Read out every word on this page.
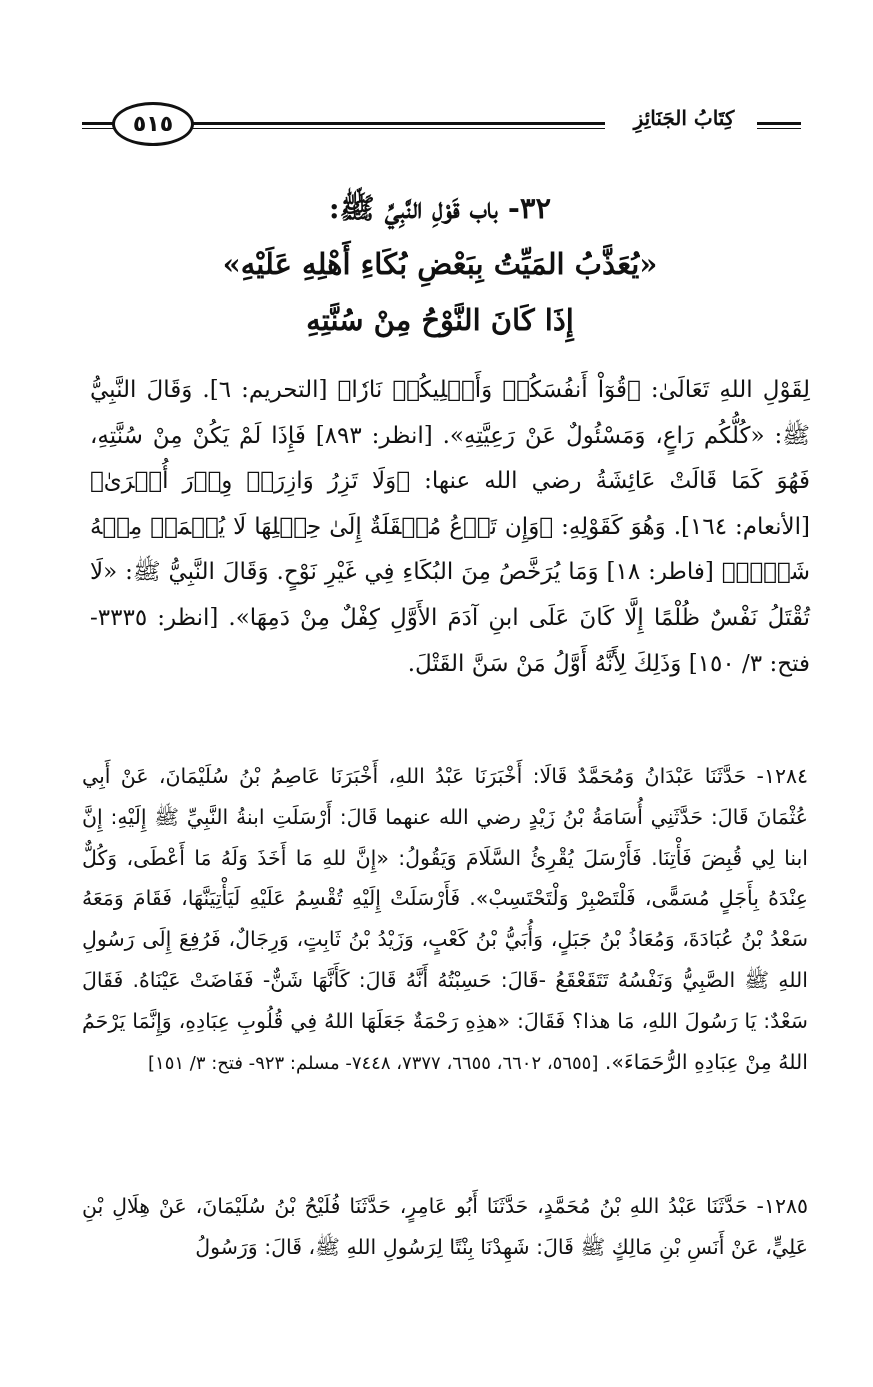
٥١٥	كِتَابُ الجَنَائِزِ
٣٢- باب قَوْلِ النَّبِيِّ ﷺ:
«يُعَذَّبُ المَيِّتُ بِبَعْضِ بُكَاءِ أَهْلِهِ عَلَيْهِ»
إِذَا كَانَ النَّوْحُ مِنْ سُنَّتِهِ

لِقَوْلِ اللهِ تَعَالَىٰ: ﴿قُوٓاْ أَنفُسَكُمۡ وَأَهۡلِيكُمۡ نَارٗا﴾ [التحريم: ٦]. وَقَالَ النَّبِيُّ ﷺ: «كُلُّكُم رَاعٍ، وَمَسْئُولٌ عَنْ رَعِيَّتِهِ». [انظر: ٨٩٣] فَإِذَا لَمْ يَكُنْ مِنْ سُنَّتِهِ، فَهُوَ كَمَا قَالَتْ عَائِشَةُ رضي الله عنها: ﴿وَلَا تَزِرُ وَازِرَةٞ وِزۡرَ أُخۡرَىٰ﴾ [الأنعام: ١٦٤]. وَهُوَ كَقَوْلِهِ: ﴿وَإِن تَدۡعُ مُثۡقَلَةٌ إِلَىٰ حِمۡلِهَا لَا يُحۡمَلۡ مِنۡهُ شَيۡءٞ﴾ [فاطر: ١٨] وَمَا يُرَخَّصُ مِنَ البُكَاءِ فِي غَيْرِ نَوْحٍ. وَقَالَ النَّبِيُّ ﷺ: «لَا تُقْتَلُ نَفْسٌ ظُلْمًا إِلَّا كَانَ عَلَى ابنِ آدَمَ الأَوَّلِ كِفْلٌ مِنْ دَمِهَا». [انظر: ٣٣٣٥- فتح: ٣/ ١٥٠] وَذَلِكَ لِأَنَّهُ أَوَّلُ مَنْ سَنَّ القَتْلَ.

١٢٨٤- حَدَّثَنَا عَبْدَانُ وَمُحَمَّدٌ قَالَا: أَخْبَرَنَا عَبْدُ اللهِ، أَخْبَرَنَا عَاصِمُ بْنُ سُلَيْمَانَ، عَنْ أَبِي عُثْمَانَ قَالَ: حَدَّثَنِي أُسَامَةُ بْنُ زَيْدٍ رضي الله عنهما قَالَ: أَرْسَلَتِ ابنةُ النَّبِيِّ ﷺ إِلَيْهِ: إِنَّ ابنا لِي قُبِضَ فَأْتِنَا. فَأَرْسَلَ يُقْرِئُ السَّلَامَ وَيَقُولُ: «إِنَّ للهِ مَا أَخَذَ وَلَهُ مَا أَعْطَى، وَكُلٌّ عِنْدَهُ بِأَجَلٍ مُسَمًّى، فَلْتَصْبِرْ وَلْتَحْتَسِبْ». فَأَرْسَلَتْ إِلَيْهِ تُقْسِمُ عَلَيْهِ لَيَأْتِيَنَّهَا، فَقَامَ وَمَعَهُ سَعْدُ بْنُ عُبَادَةَ، وَمُعَاذُ بْنُ جَبَلٍ، وَأُبَيُّ بْنُ كَعْبٍ، وَزَيْدُ بْنُ ثَابِتٍ، وَرِجَالٌ، فَرُفِعَ إِلَى رَسُولِ اللهِ ﷺ الصَّبِيُّ وَنَفْسُهُ تَتَقَعْقَعُ -قَالَ: حَسِبْتُهُ أَنَّهُ قَالَ: كَأَنَّهَا شَنٌّ- فَفَاضَتْ عَيْنَاهُ. فَقَالَ سَعْدٌ: يَا رَسُولَ اللهِ، مَا هذا؟ فَقَالَ: «هذِهِ رَحْمَةٌ جَعَلَهَا اللهُ فِي قُلُوبِ عِبَادِهِ، وَإِنَّمَا يَرْحَمُ اللهُ مِنْ عِبَادِهِ الرُّحَمَاءَ». [٥٦٥٥، ٦٦٠٢، ٦٦٥٥، ٧٣٧٧، ٧٤٤٨- مسلم: ٩٢٣- فتح: ٣/ ١٥١]

١٢٨٥- حَدَّثَنَا عَبْدُ اللهِ بْنُ مُحَمَّدٍ، حَدَّثَنَا أَبُو عَامِرٍ، حَدَّثَنَا فُلَيْحُ بْنُ سُلَيْمَانَ، عَنْ هِلَالِ بْنِ عَلِيٍّ، عَنْ أَنَسِ بْنِ مَالِكٍ ﷺ قَالَ: شَهِدْنَا بِنْتًا لِرَسُولِ اللهِ ﷺ، قَالَ: وَرَسُولُ
